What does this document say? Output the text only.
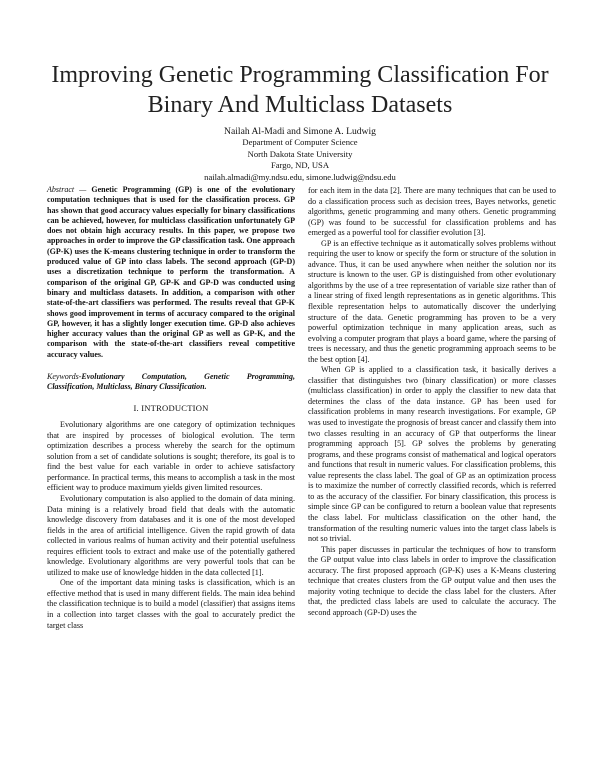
Improving Genetic Programming Classification For Binary And Multiclass Datasets
Nailah Al-Madi and Simone A. Ludwig
Department of Computer Science
North Dakota State University
Fargo, ND, USA
nailah.almadi@my.ndsu.edu, simone.ludwig@ndsu.edu

Abstract — Genetic Programming (GP) is one of the evolutionary computation techniques that is used for the classification process. GP has shown that good accuracy values especially for binary classifications can be achieved, however, for multiclass classification unfortunately GP does not obtain high accuracy results. In this paper, we propose two approaches in order to improve the GP classification task. One approach (GP-K) uses the K-means clustering technique in order to transform the produced value of GP into class labels. The second approach (GP-D) uses a discretization technique to perform the transformation. A comparison of the original GP, GP-K and GP-D was conducted using binary and multiclass datasets. In addition, a comparison with other state-of-the-art classifiers was performed. The results reveal that GP-K shows good improvement in terms of accuracy compared to the original GP, however, it has a slightly longer execution time. GP-D also achieves higher accuracy values than the original GP as well as GP-K, and the comparison with the state-of-the-art classifiers reveal competitive accuracy values.

Keywords-Evolutionary Computation, Genetic Programming, Classification, Multiclass, Binary Classification.

I. INTRODUCTION

Evolutionary algorithms are one category of optimization techniques that are inspired by processes of biological evolution. The term optimization describes a process whereby the search for the optimum solution from a set of candidate solutions is sought; therefore, its goal is to find the best value for each variable in order to achieve satisfactory performance. In practical terms, this means to accomplish a task in the most efficient way to produce maximum yields given limited resources.

Evolutionary computation is also applied to the domain of data mining. Data mining is a relatively broad field that deals with the automatic knowledge discovery from databases and it is one of the most developed fields in the area of artificial intelligence. Given the rapid growth of data collected in various realms of human activity and their potential usefulness requires efficient tools to extract and make use of the potentially gathered knowledge. Evolutionary algorithms are very powerful tools that can be utilized to make use of knowledge hidden in the data collected [1].

One of the important data mining tasks is classification, which is an effective method that is used in many different fields. The main idea behind the classification technique is to build a model (classifier) that assigns items in a collection into target classes with the goal to accurately predict the target class

for each item in the data [2]. There are many techniques that can be used to do a classification process such as decision trees, Bayes networks, genetic algorithms, genetic programming and many others. Genetic programming (GP) was found to be successful for classification problems and has emerged as a powerful tool for classifier evolution [3].

GP is an effective technique as it automatically solves problems without requiring the user to know or specify the form or structure of the solution in advance. Thus, it can be used anywhere when neither the solution nor its structure is known to the user. GP is distinguished from other evolutionary algorithms by the use of a tree representation of variable size rather than of a linear string of fixed length representations as in genetic algorithms. This flexible representation helps to automatically discover the underlying structure of the data. Genetic programming has proven to be a very powerful optimization technique in many application areas, such as evolving a computer program that plays a board game, where the parsing of trees is necessary, and thus the genetic programming approach seems to be the best option [4].

When GP is applied to a classification task, it basically derives a classifier that distinguishes two (binary classification) or more classes (multiclass classification) in order to apply the classifier to new data that determines the class of the data instance. GP has been used for classification problems in many research investigations. For example, GP was used to investigate the prognosis of breast cancer and classify them into two classes resulting in an accuracy of GP that outperforms the linear programming approach [5]. GP solves the problems by generating programs, and these programs consist of mathematical and logical operators and functions that result in numeric values. For classification problems, this value represents the class label. The goal of GP as an optimization process is to maximize the number of correctly classified records, which is referred to as the accuracy of the classifier. For binary classification, this process is simple since GP can be configured to return a boolean value that represents the class label. For multiclass classification on the other hand, the transformation of the resulting numeric values into the target class labels is not so trivial.

This paper discusses in particular the techniques of how to transform the GP output value into class labels in order to improve the classification accuracy. The first proposed approach (GP-K) uses a K-Means clustering technique that creates clusters from the GP output value and then uses the majority voting technique to decide the class label for the clusters. After that, the predicted class labels are used to calculate the accuracy. The second approach (GP-D) uses the
